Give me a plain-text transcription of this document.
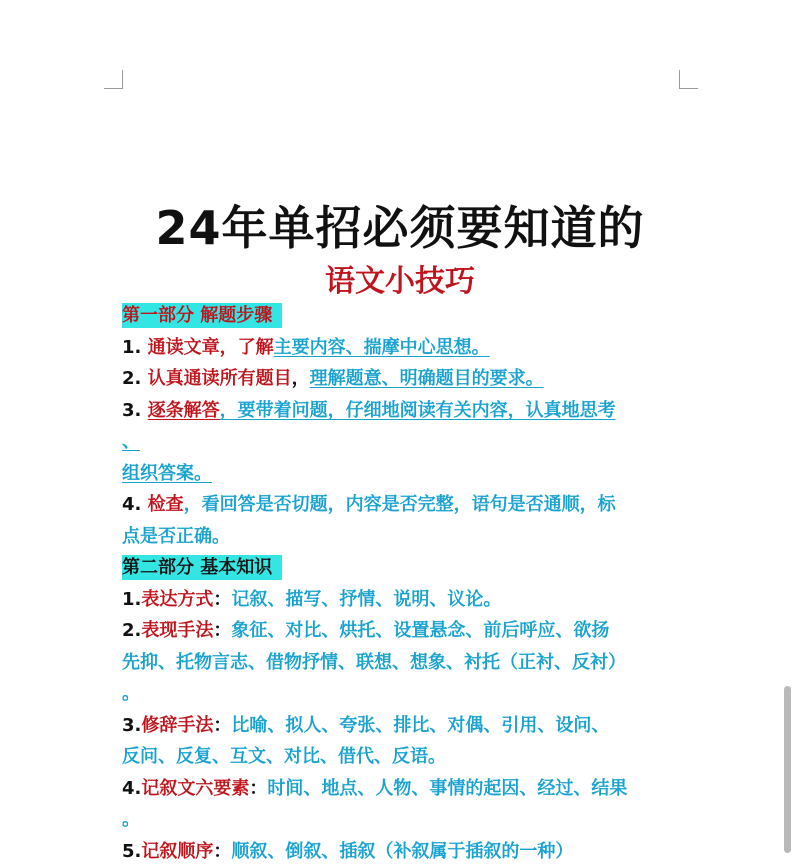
24年单招必须要知道的
语文小技巧
第一部分 解题步骤
1. 通读文章，了解主要内容、揣摩中心思想。
2. 认真通读所有题目，理解题意、明确题目的要求。
3. 逐条解答，要带着问题，仔细地阅读有关内容，认真地思考
、
组织答案。
4. 检查，看回答是否切题，内容是否完整，语句是否通顺，标
点是否正确。
第二部分 基本知识
1.表达方式：记叙、描写、抒情、说明、议论。
2.表现手法：象征、对比、烘托、设置悬念、前后呼应、欲扬
先抑、托物言志、借物抒情、联想、想象、衬托（正衬、反衬）
。
3.修辞手法：比喻、拟人、夸张、排比、对偶、引用、设问、
反问、反复、互文、对比、借代、反语。
4.记叙文六要素：时间、地点、人物、事情的起因、经过、结果
。
5.记叙顺序：顺叙、倒叙、插叙（补叙属于插叙的一种）
